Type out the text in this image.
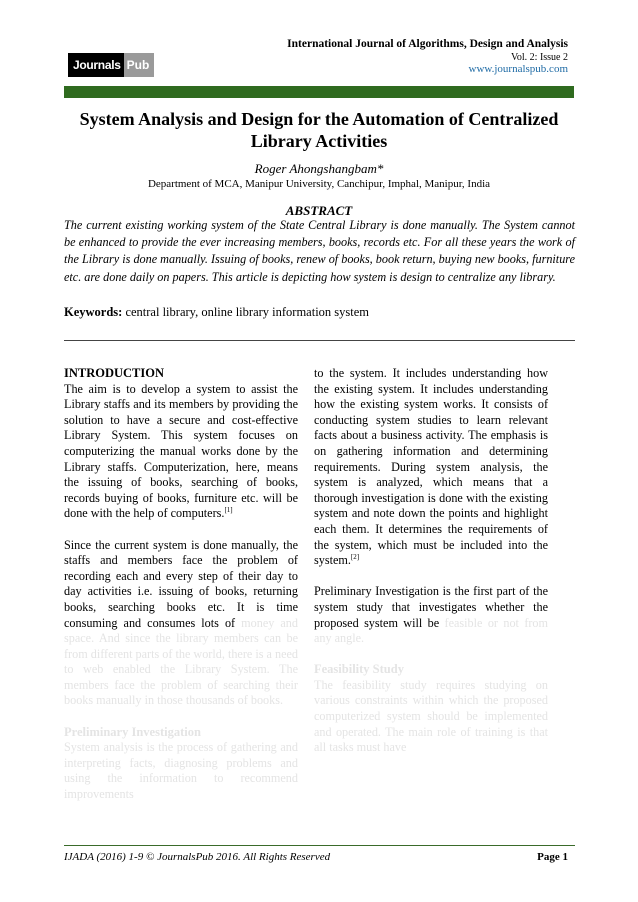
Journals Pub
International Journal of Algorithms, Design and Analysis
Vol. 2: Issue 2
www.journalspub.com
System Analysis and Design for the Automation of Centralized
Library Activities
Roger Ahongshangbam*
Department of MCA, Manipur University, Canchipur, Imphal, Manipur, India
ABSTRACT

The current existing working system of the State Central Library is done manually. The System cannot be enhanced to provide the ever increasing members, books, records etc. For all these years the work of the Library is done manually. Issuing of books, renew of books, book return, buying new books, furniture etc. are done daily on papers. This article is depicting how system is design to centralize any library.

Keywords: central library, online library information system

INTRODUCTION

The aim is to develop a system to assist the Library staffs and its members by providing the solution to have a secure and cost-effective Library System. This system focuses on computerizing the manual works done by the Library staffs. Computerization, here, means the issuing of books, searching of books, records buying of books, furniture etc. will be done with the help of computers.[1]

Since the current system is done manually, the staffs and members face the problem of recording each and every step of their day to day activities i.e. issuing of books, returning books, searching books etc. It is time consuming and consumes lots of money and space. And since the library members can be from different parts of the world, there is a need to web enabled the Library System. The members face the problem of searching their books manually in those thousands of books.

Preliminary Investigation

System analysis is the process of gathering and interpreting facts, diagnosing problems and using the information to recommend improvements

to the system. It includes understanding how the existing system. It includes understanding how the existing system works. It consists of conducting system studies to learn relevant facts about a business activity. The emphasis is on gathering information and determining requirements. During system analysis, the system is analyzed, which means that a thorough investigation is done with the existing system and note down the points and highlight each them. It determines the requirements of the system, which must be included into the system.[2]

Preliminary Investigation is the first part of the system study that investigates whether the proposed system will be feasible or not from any angle.

Feasibility Study

The feasibility study requires studying on various constraints within which the proposed computerized system should be implemented and operated. The main role of training is that all tasks must have

IJADA (2016) 1-9 © JournalsPub 2016. All Rights Reserved	Page 1
